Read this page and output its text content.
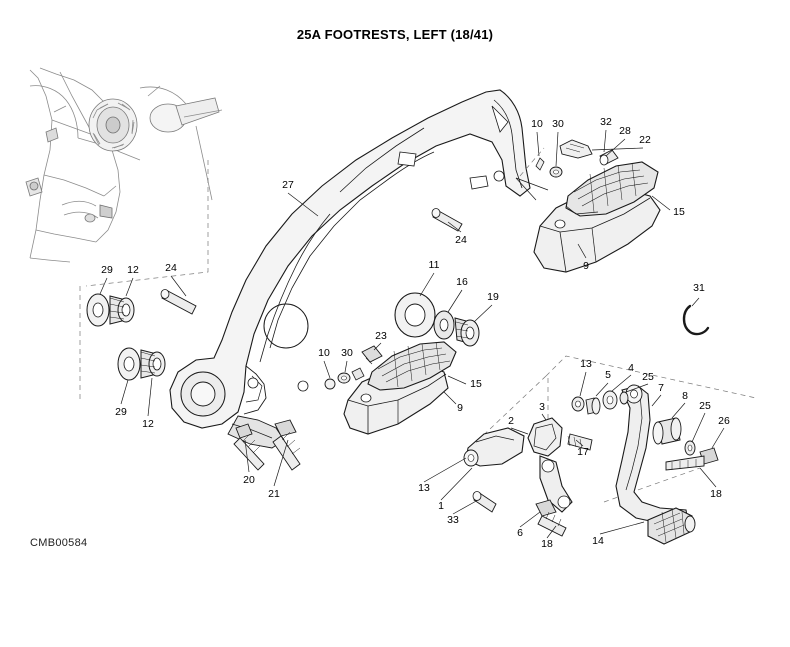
25A FOOTRESTS, LEFT (18/41)
CMB00584
10 30	32
28
22
15
9
27
24
11
16
19
31
29 12	24
29
12
23
10 30
15
9
13
5
4
25
7
8
25
26
2
3
17
18
20
21	13
1
33
6
18	14
